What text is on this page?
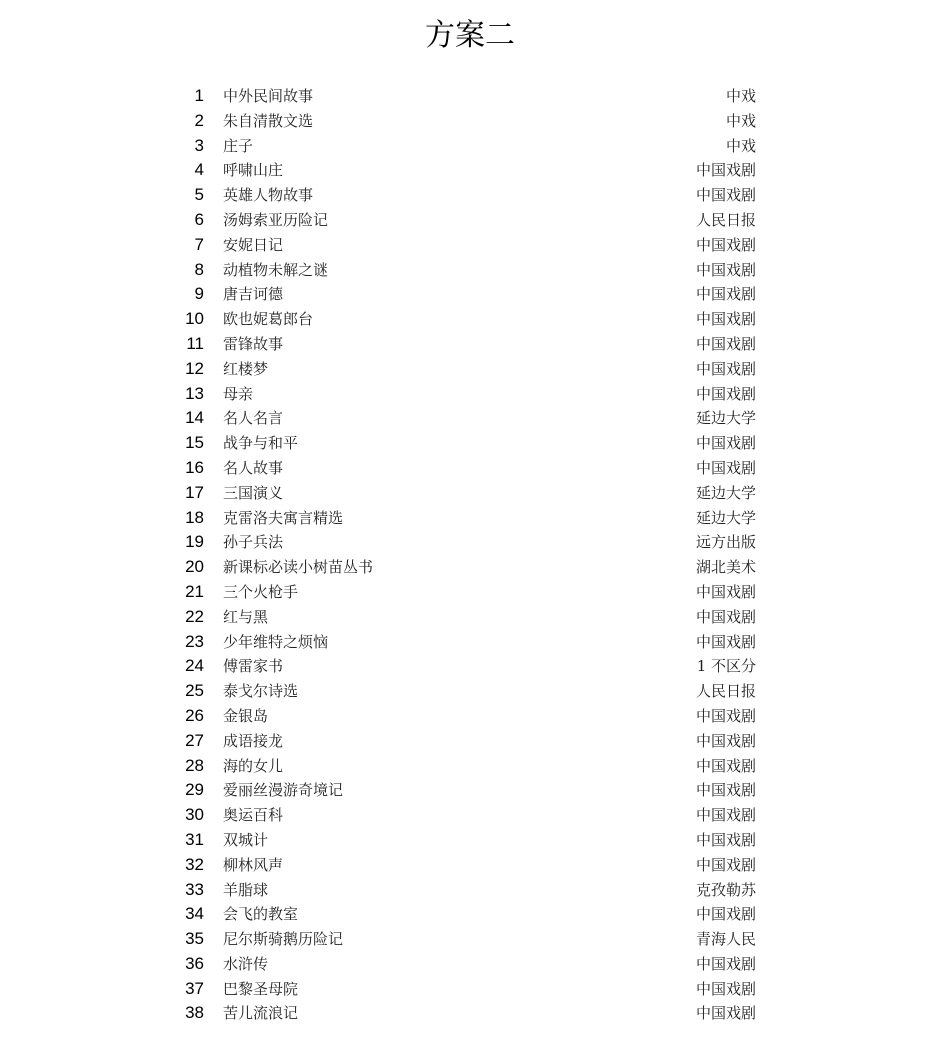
方案二
1 中外民间故事	中戏
2 朱自清散文选	中戏
3 庄子	中戏
4 呼啸山庄	中国戏剧
5 英雄人物故事	中国戏剧
6 汤姆索亚历险记	人民日报
7 安妮日记	中国戏剧
8 动植物未解之谜	中国戏剧
9 唐吉诃德	中国戏剧
10 欧也妮葛郎台	中国戏剧
11 雷锋故事	中国戏剧
12 红楼梦	中国戏剧
13 母亲	中国戏剧
14 名人名言	延边大学
15 战争与和平	中国戏剧
16 名人故事	中国戏剧
17 三国演义	延边大学
18 克雷洛夫寓言精选	延边大学
19 孙子兵法	远方出版
20 新课标必读小树苗丛书	湖北美术
21 三个火枪手	中国戏剧
22 红与黑	中国戏剧
23 少年维特之烦恼	中国戏剧
24 傅雷家书	1 不区分
25 泰戈尔诗选	人民日报
26 金银岛	中国戏剧
27 成语接龙	中国戏剧
28 海的女儿	中国戏剧
29 爱丽丝漫游奇境记	中国戏剧
30 奥运百科	中国戏剧
31 双城计	中国戏剧
32 柳林风声	中国戏剧
33 羊脂球	克孜勒苏
34 会飞的教室	中国戏剧
35 尼尔斯骑鹅历险记	青海人民
36 水浒传	中国戏剧
37 巴黎圣母院	中国戏剧
38 苦儿流浪记	中国戏剧
